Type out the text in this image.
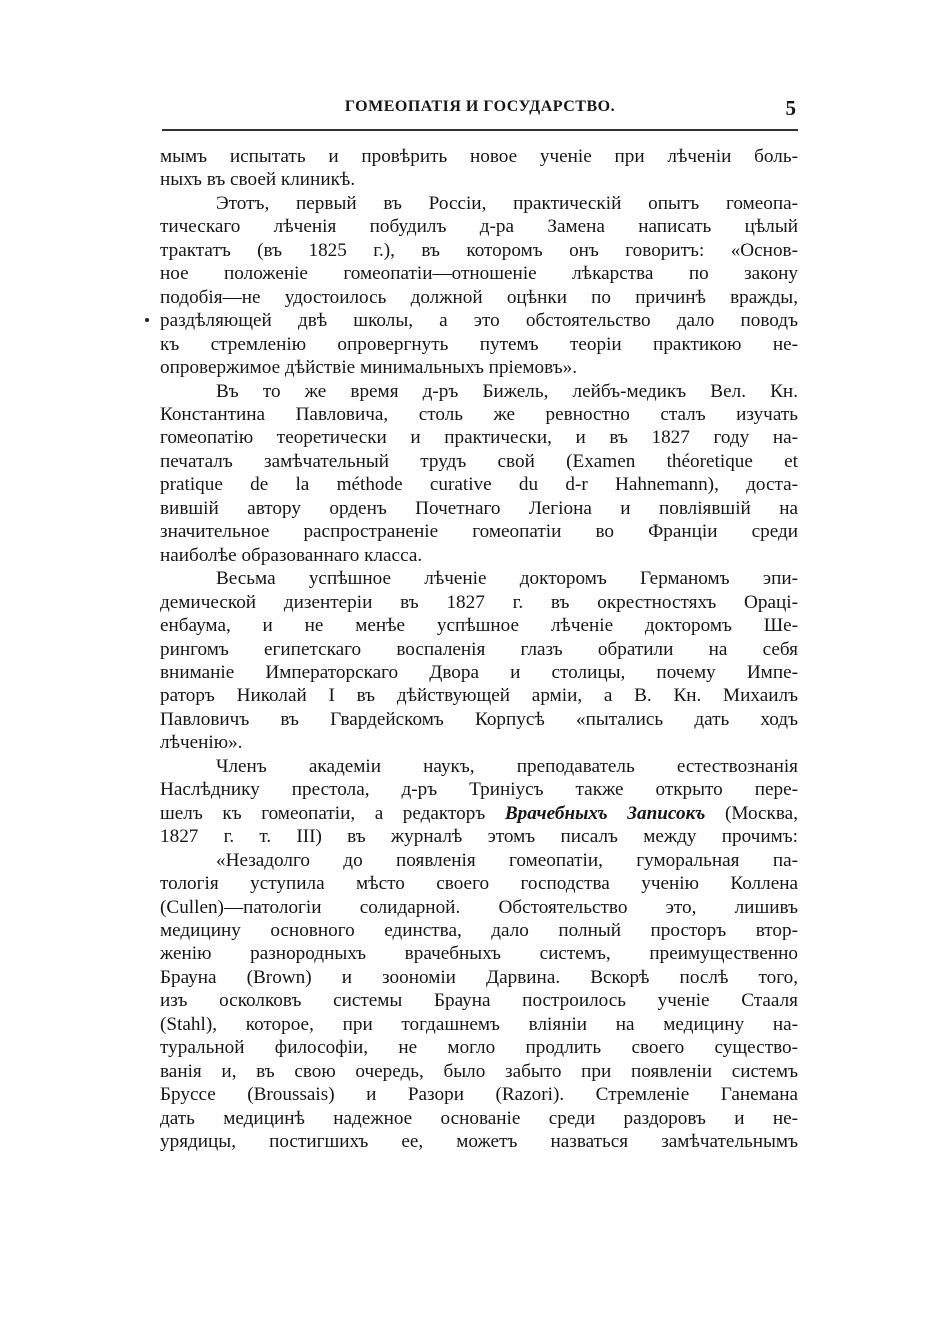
ГОМЕОПАТІЯ И ГОСУДАРСТВО.	5
мымъ испытать и провѣрить новое ученіе при лѣченіи боль-
ныхъ въ своей клиникѣ.
Этотъ, первый въ Россіи, практическій опытъ гомеопа-
тическаго лѣченія побудилъ д-ра Замена написать цѣлый
трактатъ (въ 1825 г.), въ которомъ онъ говоритъ: «Основ-
ное положеніе гомеопатіи—отношеніе лѣкарства по закону
подобія—не удостоилось должной оцѣнки по причинѣ вражды,
раздѣляющей двѣ школы, а это обстоятельство дало поводъ
къ стремленію опровергнуть путемъ теоріи практикою не-
опровержимое дѣйствіе минимальныхъ пріемовъ».
Въ то же время д-ръ Бижель, лейбъ-медикъ Вел. Кн.
Константина Павловича, столь же ревностно сталъ изучать
гомеопатію теоретически и практически, и въ 1827 году на-
печаталъ замѣчательный трудъ свой (Examen théoretique et
pratique de la méthode curative du d-r Hahnemann), доста-
вившій автору орденъ Почетнаго Легіона и повліявшій на
значительное распространеніе гомеопатіи во Франціи среди
наиболѣе образованнаго класса.
Весьма успѣшное лѣченіе докторомъ Германомъ эпи-
демической дизентеріи въ 1827 г. въ окрестностяхъ Ораці-
енбаума, и не менѣе успѣшное лѣченіе докторомъ Ше-
рингомъ египетскаго воспаленія глазъ обратили на себя
вниманіе Императорскаго Двора и столицы, почему Импе-
раторъ Николай I въ дѣйствующей арміи, а В. Кн. Михаилъ
Павловичъ въ Гвардейскомъ Корпусѣ «пытались дать ходъ
лѣченію».
Членъ академіи наукъ, преподаватель естествознанія
Наслѣднику престола, д-ръ Триніусъ также открыто пере-
шелъ къ гомеопатіи, а редакторъ Врачебныхъ Записокъ (Москва,
1827 г. т. III) въ журналѣ этомъ писалъ между прочимъ:
«Незадолго до появленія гомеопатіи, гуморальная па-
тологія уступила мѣсто своего господства ученію Коллена
(Cullen)—патологіи солидарной. Обстоятельство это, лишивъ
медицину основного единства, дало полный просторъ втор-
женію разнородныхъ врачебныхъ системъ, преимущественно
Брауна (Brown) и зоономіи Дарвина. Вскорѣ послѣ того,
изъ осколковъ системы Брауна построилось ученіе Стааля
(Stahl), которое, при тогдашнемъ вліяніи на медицину на-
туральной философіи, не могло продлить своего существо-
ванія и, въ свою очередь, было забыто при появленіи системъ
Бруссе (Broussais) и Разори (Razori). Стремленіе Ганемана
дать медицинѣ надежное основаніе среди раздоровъ и не-
урядицы, постигшихъ ее, можетъ назваться замѣчательнымъ
